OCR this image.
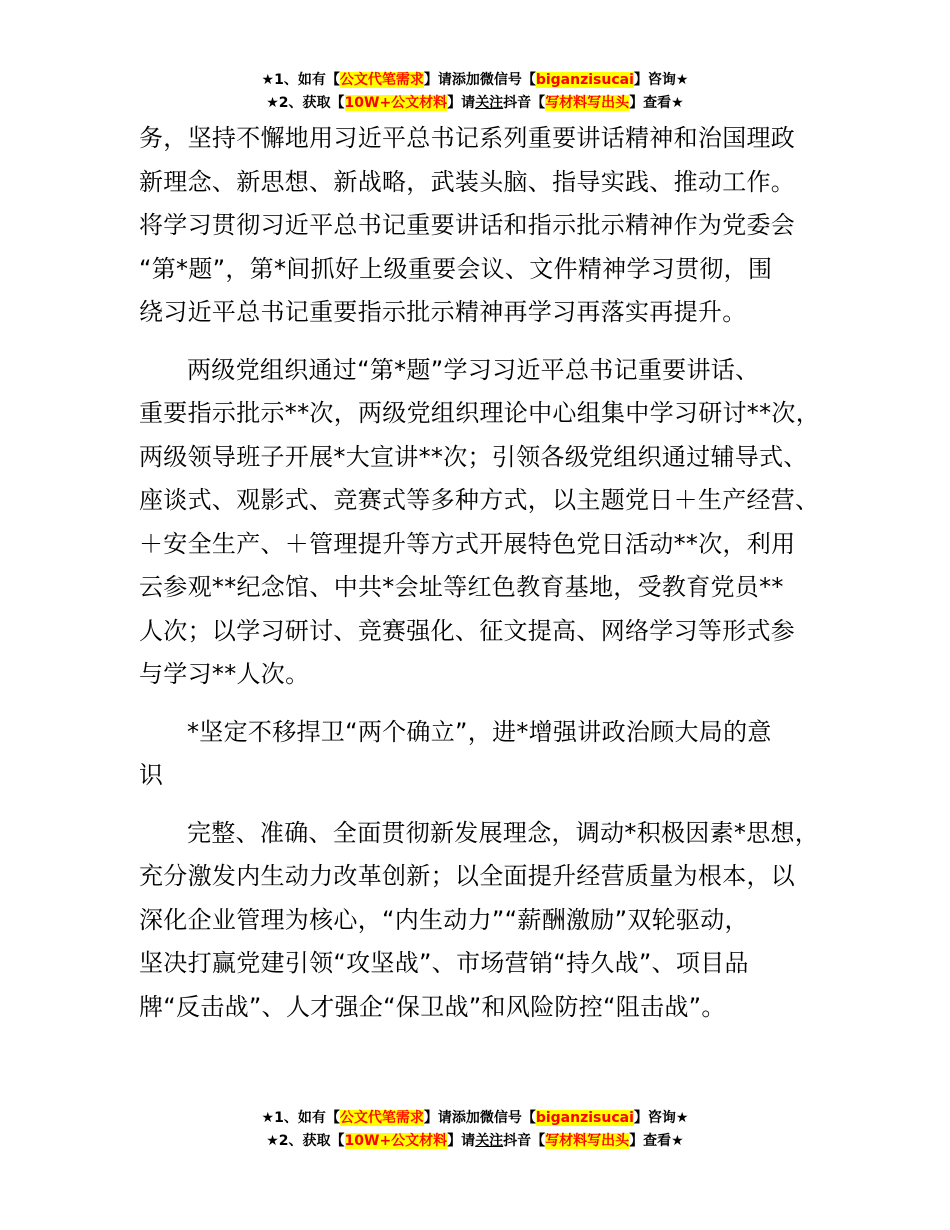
★1、如有【公文代笔需求】请添加微信号【biganzisucai】咨询★
★2、获取【10W+公文材料】请关注抖音【写材料写出头】查看★
务，坚持不懈地用习近平总书记系列重要讲话精神和治国理政
新理念、新思想、新战略，武装头脑、指导实践、推动工作。
将学习贯彻习近平总书记重要讲话和指示批示精神作为党委会
“第*题”，第*间抓好上级重要会议、文件精神学习贯彻，围
绕习近平总书记重要指示批示精神再学习再落实再提升。
两级党组织通过“第*题”学习习近平总书记重要讲话、
重要指示批示**次，两级党组织理论中心组集中学习研讨**次，
两级领导班子开展*大宣讲**次；引领各级党组织通过辅导式、
座谈式、观影式、竞赛式等多种方式，以主题党日＋生产经营、
＋安全生产、＋管理提升等方式开展特色党日活动**次，利用
云参观**纪念馆、中共*会址等红色教育基地，受教育党员**
人次；以学习研讨、竞赛强化、征文提高、网络学习等形式参
与学习**人次。
*坚定不移捍卫“两个确立”，进*增强讲政治顾大局的意
识
完整、准确、全面贯彻新发展理念，调动*积极因素*思想，
充分激发内生动力改革创新；以全面提升经营质量为根本，以
深化企业管理为核心，“内生动力”“薪酬激励”双轮驱动，
坚决打赢党建引领“攻坚战”、市场营销“持久战”、项目品
牌“反击战”、人才强企“保卫战”和风险防控“阻击战”。
★1、如有【公文代笔需求】请添加微信号【biganzisucai】咨询★
★2、获取【10W+公文材料】请关注抖音【写材料写出头】查看★
